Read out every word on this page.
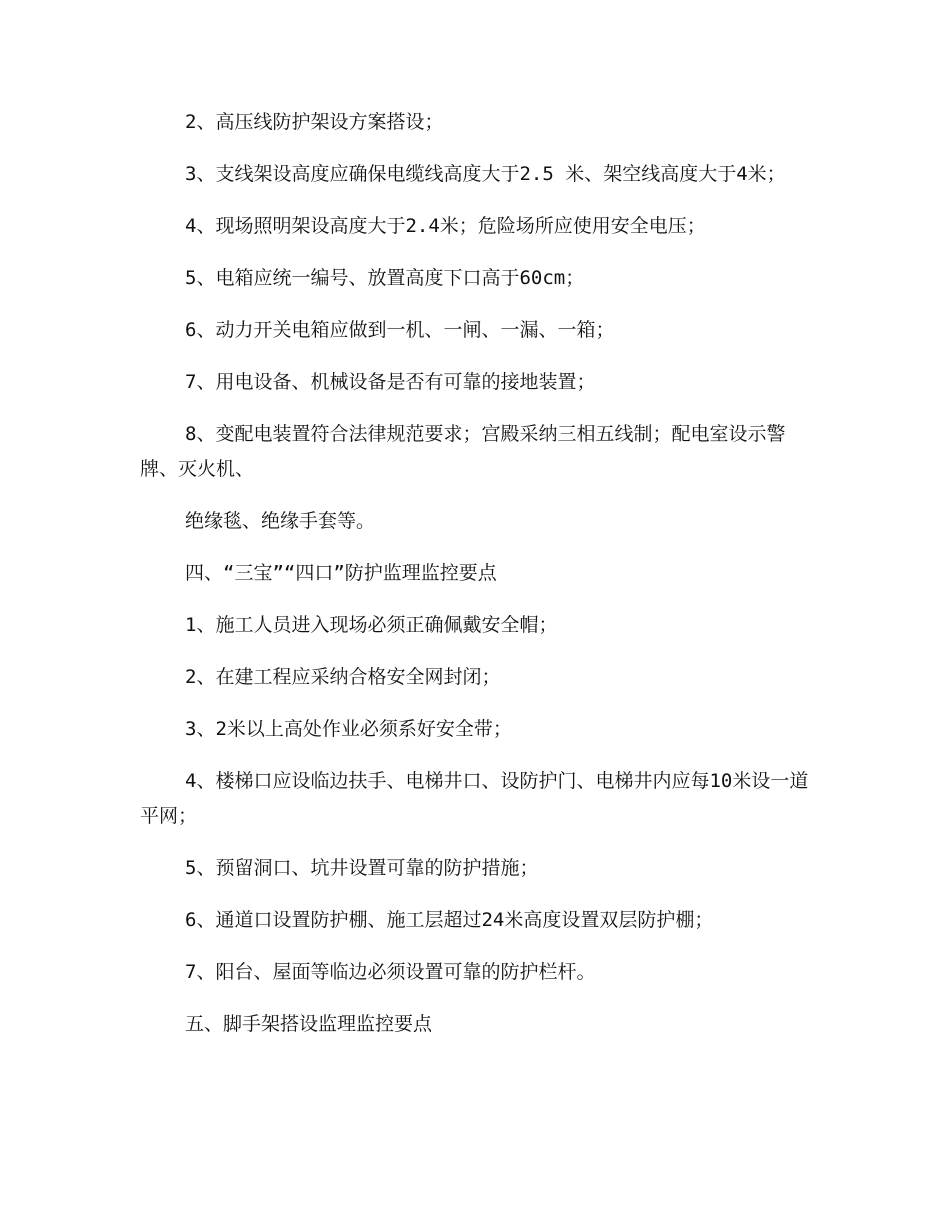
2、高压线防护架设方案搭设；

3、支线架设高度应确保电缆线高度大于2.5 米、架空线高度大于4米；

4、现场照明架设高度大于2.4米；危险场所应使用安全电压；

5、电箱应统一编号、放置高度下口高于60cm；

6、动力开关电箱应做到一机、一闸、一漏、一箱；

7、用电设备、机械设备是否有可靠的接地装置；

8、变配电装置符合法律规范要求；宫殿采纳三相五线制；配电室设示警牌、灭火机、

绝缘毯、绝缘手套等。

四、“三宝”“四口”防护监理监控要点

1、施工人员进入现场必须正确佩戴安全帽；

2、在建工程应采纳合格安全网封闭；

3、2米以上高处作业必须系好安全带；

4、楼梯口应设临边扶手、电梯井口、设防护门、电梯井内应每10米设一道平网；

5、预留洞口、坑井设置可靠的防护措施；

6、通道口设置防护棚、施工层超过24米高度设置双层防护棚；

7、阳台、屋面等临边必须设置可靠的防护栏杆。

五、脚手架搭设监理监控要点
